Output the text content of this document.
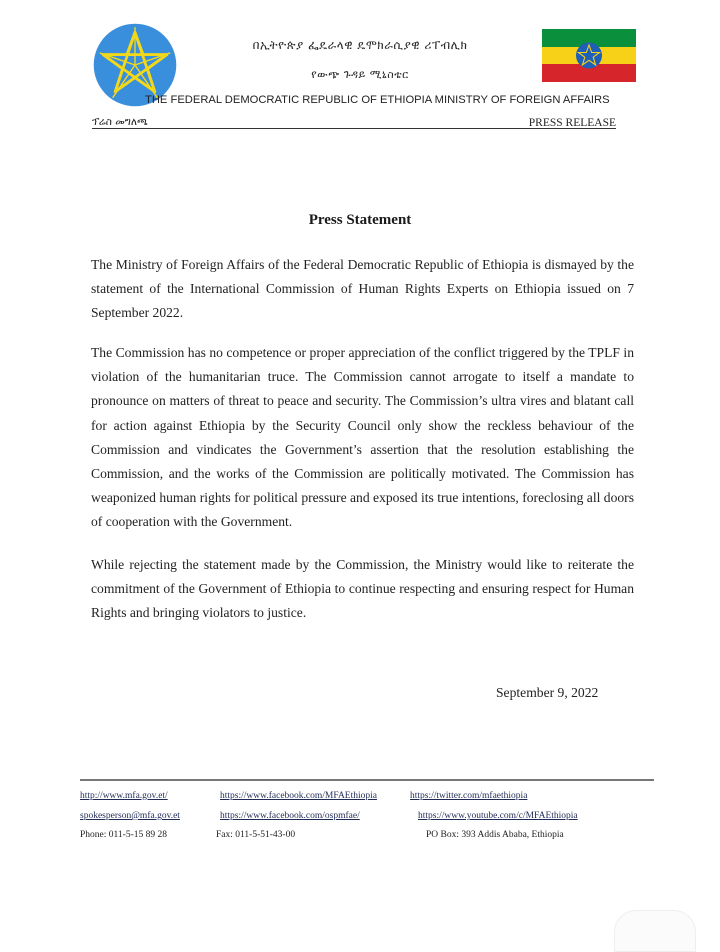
በኢትዮጵያ ፌዴራላዊ ዴሞክራሲያዊ ሪፐብሊክ
የውጭ ጉዳይ ሚኒስቴር
THE FEDERAL DEMOCRATIC REPUBLIC OF ETHIOPIA MINISTRY OF FOREIGN AFFAIRS
ፕሬስ መግለጫ	PRESS RELEASE
Press Statement

The Ministry of Foreign Affairs of the Federal Democratic Republic of Ethiopia is dismayed by the statement of the International Commission of Human Rights Experts on Ethiopia issued on 7 September 2022.

The Commission has no competence or proper appreciation of the conflict triggered by the TPLF in violation of the humanitarian truce. The Commission cannot arrogate to itself a mandate to pronounce on matters of threat to peace and security. The Commission’s ultra vires and blatant call for action against Ethiopia by the Security Council only show the reckless behaviour of the Commission and vindicates the Government’s assertion that the resolution establishing the Commission, and the works of the Commission are politically motivated. The Commission has weaponized human rights for political pressure and exposed its true intentions, foreclosing all doors of cooperation with the Government.

While rejecting the statement made by the Commission, the Ministry would like to reiterate the commitment of the Government of Ethiopia to continue respecting and ensuring respect for Human Rights and bringing violators to justice.

September 9, 2022
http://www.mfa.gov.et/	https://www.facebook.com/MFAEthiopia	https://twitter.com/mfaethiopia
spokesperson@mfa.gov.et	https://www.facebook.com/ospmfae/	https://www.youtube.com/c/MFAEthiopia
Phone: 011-5-15 89 28	Fax: 011-5-51-43-00	PO Box: 393 Addis Ababa, Ethiopia
